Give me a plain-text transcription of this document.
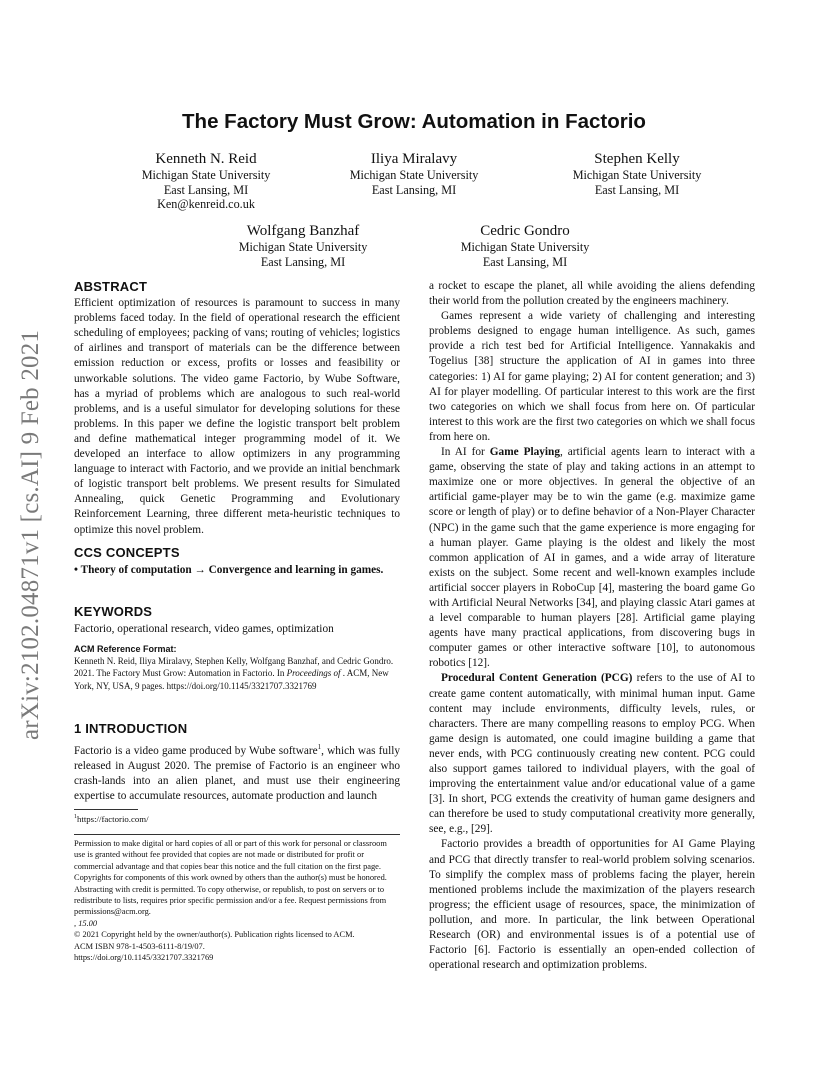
arXiv:2102.04871v1 [cs.AI] 9 Feb 2021
The Factory Must Grow: Automation in Factorio
Kenneth N. Reid
Michigan State University
East Lansing, MI
Ken@kenreid.co.uk
Iliya Miralavy
Michigan State University
East Lansing, MI
Stephen Kelly
Michigan State University
East Lansing, MI
Wolfgang Banzhaf
Michigan State University
East Lansing, MI
Cedric Gondro
Michigan State University
East Lansing, MI
ABSTRACT

Efficient optimization of resources is paramount to success in many problems faced today. In the field of operational research the efficient scheduling of employees; packing of vans; routing of vehicles; logistics of airlines and transport of materials can be the difference between emission reduction or excess, profits or losses and feasibility or unworkable solutions. The video game Factorio, by Wube Software, has a myriad of problems which are analogous to such real-world problems, and is a useful simulator for developing solutions for these problems. In this paper we define the logistic transport belt problem and define mathematical integer programming model of it. We developed an interface to allow optimizers in any programming language to interact with Factorio, and we provide an initial benchmark of logistic transport belt problems. We present results for Simulated Annealing, quick Genetic Programming and Evolutionary Reinforcement Learning, three different meta-heuristic techniques to optimize this novel problem.

CCS CONCEPTS

• Theory of computation → Convergence and learning in games.

KEYWORDS

Factorio, operational research, video games, optimization

ACM Reference Format:

Kenneth N. Reid, Iliya Miralavy, Stephen Kelly, Wolfgang Banzhaf, and Cedric Gondro. 2021. The Factory Must Grow: Automation in Factorio. In Proceedings of . ACM, New York, NY, USA, 9 pages. https://doi.org/10.1145/3321707.3321769

1 INTRODUCTION

Factorio is a video game produced by Wube software$^1$, which was fully released in August 2020. The premise of Factorio is an engineer who crash-lands into an alien planet, and must use their engineering expertise to accumulate resources, automate production and launch

$^1$https://factorio.com/

Permission to make digital or hard copies of all or part of this work for personal or classroom use is granted without fee provided that copies are not made or distributed for profit or commercial advantage and that copies bear this notice and the full citation on the first page. Copyrights for components of this work owned by others than the author(s) must be honored. Abstracting with credit is permitted. To copy otherwise, or republish, to post on servers or to redistribute to lists, requires prior specific permission and/or a fee. Request permissions from permissions@acm.org.

, 15.00

© 2021 Copyright held by the owner/author(s). Publication rights licensed to ACM.

ACM ISBN 978-1-4503-6111-8/19/07.

https://doi.org/10.1145/3321707.3321769

a rocket to escape the planet, all while avoiding the aliens defending their world from the pollution created by the engineers machinery.

Games represent a wide variety of challenging and interesting problems designed to engage human intelligence. As such, games provide a rich test bed for Artificial Intelligence. Yannakakis and Togelius [38] structure the application of AI in games into three categories: 1) AI for game playing; 2) AI for content generation; and 3) AI for player modelling. Of particular interest to this work are the first two categories on which we shall focus from here on. Of particular interest to this work are the first two categories on which we shall focus from here on.

In AI for Game Playing, artificial agents learn to interact with a game, observing the state of play and taking actions in an attempt to maximize one or more objectives. In general the objective of an artificial game-player may be to win the game (e.g. maximize game score or length of play) or to define behavior of a Non-Player Character (NPC) in the game such that the game experience is more engaging for a human player. Game playing is the oldest and likely the most common application of AI in games, and a wide array of literature exists on the subject. Some recent and well-known examples include artificial soccer players in RoboCup [4], mastering the board game Go with Artificial Neural Networks [34], and playing classic Atari games at a level comparable to human players [28]. Artificial game playing agents have many practical applications, from discovering bugs in computer games or other interactive software [10], to autonomous robotics [12].

Procedural Content Generation (PCG) refers to the use of AI to create game content automatically, with minimal human input. Game content may include environments, difficulty levels, rules, or characters. There are many compelling reasons to employ PCG. When game design is automated, one could imagine building a game that never ends, with PCG continuously creating new content. PCG could also support games tailored to individual players, with the goal of improving the entertainment value and/or educational value of a game [3]. In short, PCG extends the creativity of human game designers and can therefore be used to study computational creativity more generally, see, e.g., [29].

Factorio provides a breadth of opportunities for AI Game Playing and PCG that directly transfer to real-world problem solving scenarios. To simplify the complex mass of problems facing the player, herein mentioned problems include the maximization of the players research progress; the efficient usage of resources, space, the minimization of pollution, and more. In particular, the link between Operational Research (OR) and environmental issues is of a potential use of Factorio [6]. Factorio is essentially an open-ended collection of operational research and optimization problems.
